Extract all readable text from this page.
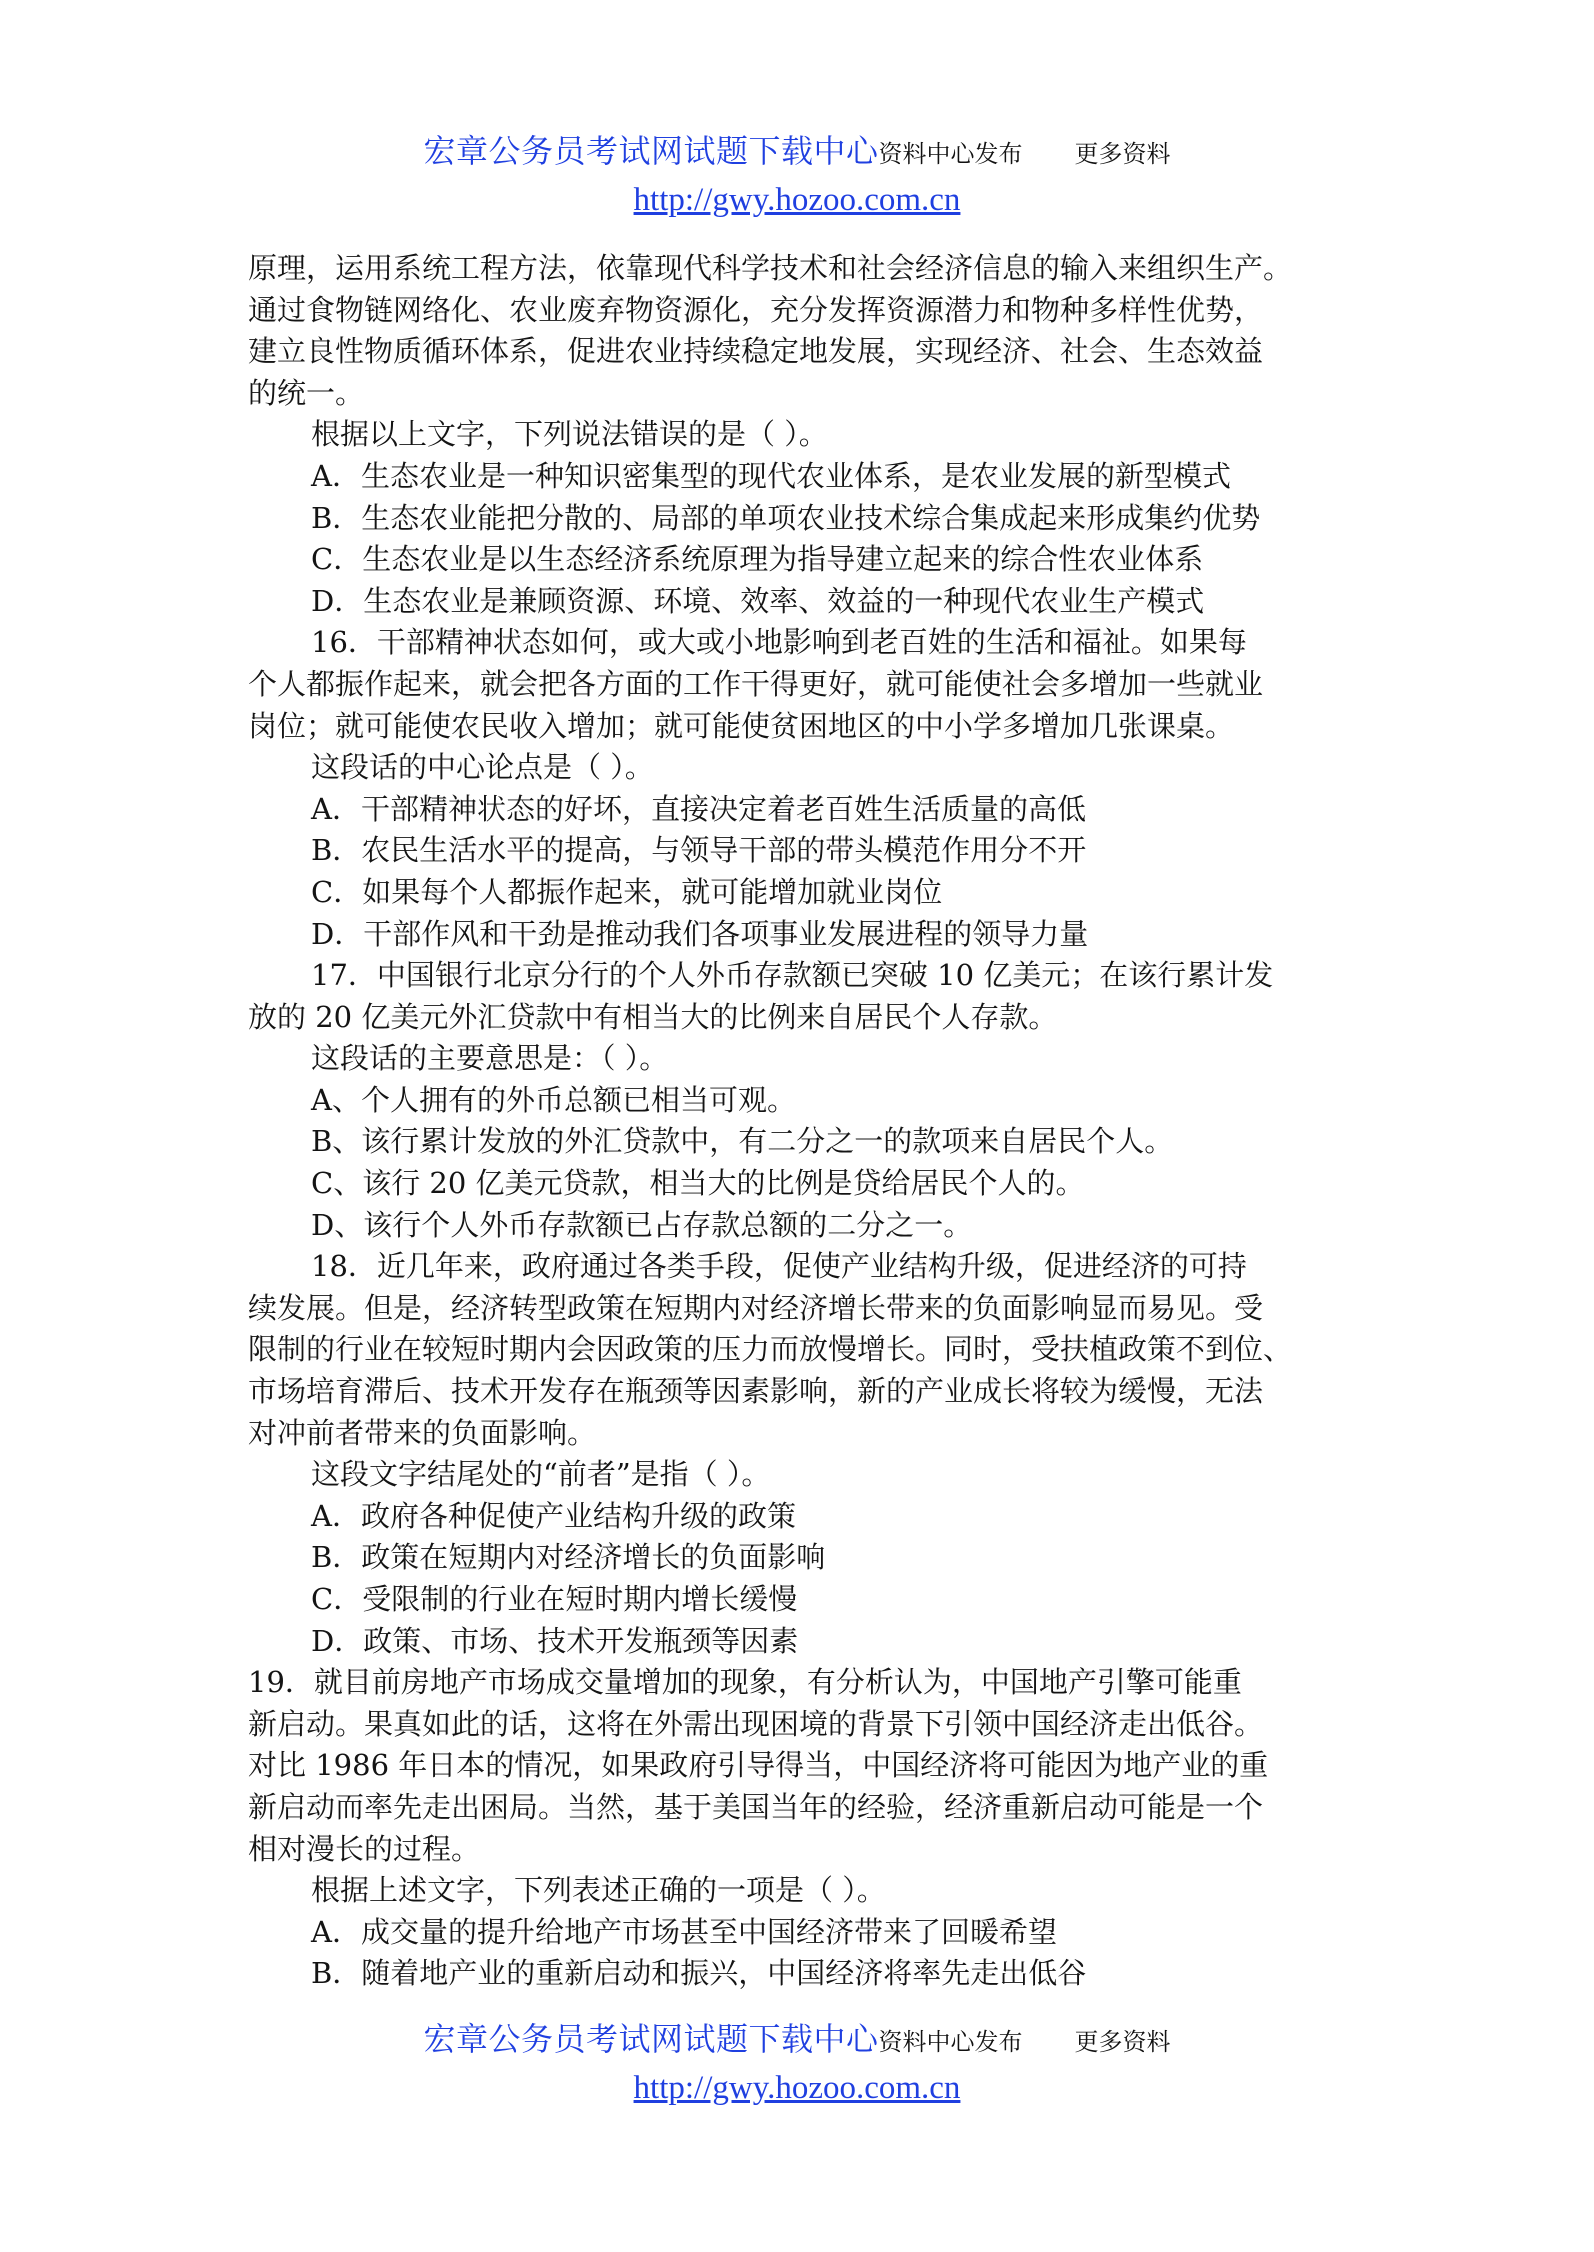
宏章公务员考试网试题下载中心资料中心发布 更多资料
http://gwy.hozoo.com.cn

原理，运用系统工程方法，依靠现代科学技术和社会经济信息的输入来组织生产。

通过食物链网络化、农业废弃物资源化，充分发挥资源潜力和物种多样性优势，

建立良性物质循环体系，促进农业持续稳定地发展，实现经济、社会、生态效益

的统一。

根据以上文字，下列说法错误的是（ ）。

A．生态农业是一种知识密集型的现代农业体系，是农业发展的新型模式

B．生态农业能把分散的、局部的单项农业技术综合集成起来形成集约优势

C．生态农业是以生态经济系统原理为指导建立起来的综合性农业体系

D．生态农业是兼顾资源、环境、效率、效益的一种现代农业生产模式

16．干部精神状态如何，或大或小地影响到老百姓的生活和福祉。如果每

个人都振作起来，就会把各方面的工作干得更好，就可能使社会多增加一些就业

岗位；就可能使农民收入增加；就可能使贫困地区的中小学多增加几张课桌。

这段话的中心论点是（ ）。

A．干部精神状态的好坏，直接决定着老百姓生活质量的高低

B．农民生活水平的提高，与领导干部的带头模范作用分不开

C．如果每个人都振作起来，就可能增加就业岗位

D．干部作风和干劲是推动我们各项事业发展进程的领导力量

17．中国银行北京分行的个人外币存款额已突破 10 亿美元；在该行累计发

放的 20 亿美元外汇贷款中有相当大的比例来自居民个人存款。

这段话的主要意思是：（ ）。

A、个人拥有的外币总额已相当可观。

B、该行累计发放的外汇贷款中，有二分之一的款项来自居民个人。

C、该行 20 亿美元贷款，相当大的比例是贷给居民个人的。

D、该行个人外币存款额已占存款总额的二分之一。

18．近几年来，政府通过各类手段，促使产业结构升级，促进经济的可持

续发展。但是，经济转型政策在短期内对经济增长带来的负面影响显而易见。受

限制的行业在较短时期内会因政策的压力而放慢增长。同时，受扶植政策不到位、

市场培育滞后、技术开发存在瓶颈等因素影响，新的产业成长将较为缓慢，无法

对冲前者带来的负面影响。

这段文字结尾处的“前者”是指（ ）。

A．政府各种促使产业结构升级的政策

B．政策在短期内对经济增长的负面影响

C．受限制的行业在短时期内增长缓慢

D．政策、市场、技术开发瓶颈等因素

19．就目前房地产市场成交量增加的现象，有分析认为，中国地产引擎可能重

新启动。果真如此的话，这将在外需出现困境的背景下引领中国经济走出低谷。

对比 1986 年日本的情况，如果政府引导得当，中国经济将可能因为地产业的重

新启动而率先走出困局。当然，基于美国当年的经验，经济重新启动可能是一个

相对漫长的过程。

根据上述文字，下列表述正确的一项是（ ）。

A．成交量的提升给地产市场甚至中国经济带来了回暖希望

B．随着地产业的重新启动和振兴，中国经济将率先走出低谷

宏章公务员考试网试题下载中心资料中心发布 更多资料
http://gwy.hozoo.com.cn
